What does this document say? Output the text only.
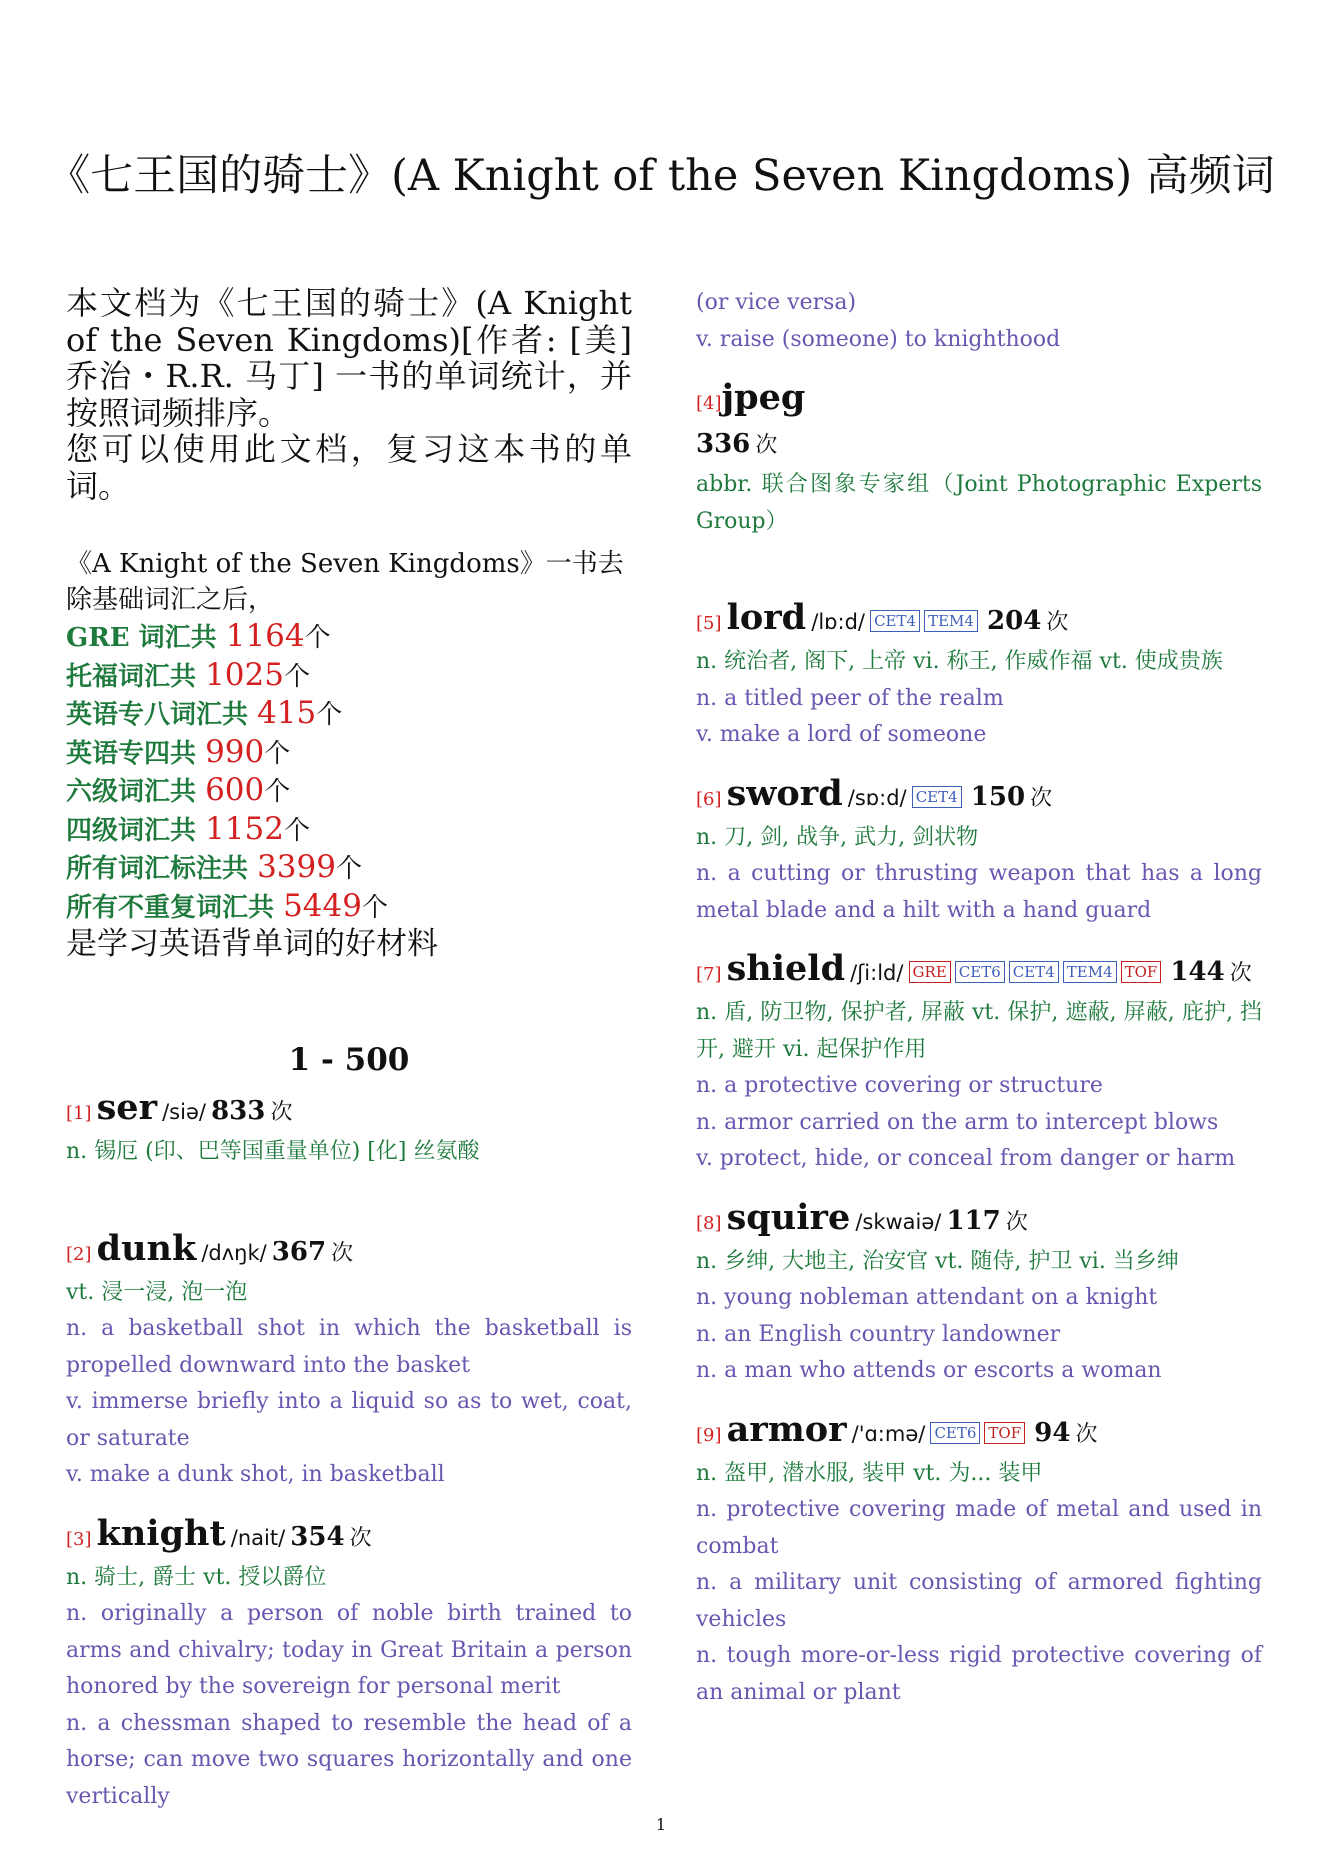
《七王国的骑士》(A Knight of the Seven Kingdoms) 高频词

本文档为《七王国的骑士》(A Knight of the Seven Kingdoms)[作者: [美] 乔治・R.R. 马丁] 一书的单词统计，并按照词频排序。

您可以使用此文档，复习这本书的单词。

《A Knight of the Seven Kingdoms》一书去除基础词汇之后，
GRE 词汇共 1164个
托福词汇共 1025个
英语专八词汇共 415个
英语专四共 990个
六级词汇共 600个
四级词汇共 1152个
所有词汇标注共 3399个
所有不重复词汇共 5449个
是学习英语背单词的好材料
1 - 500
[1] ser /siə/ 833 次

n. 锡厄 (印、巴等国重量单位) [化] 丝氨酸

[2] dunk /dʌŋk/ 367 次

vt. 浸一浸, 泡一泡

n. a basketball shot in which the basketball is propelled downward into the basket

v. immerse briefly into a liquid so as to wet, coat, or saturate

v. make a dunk shot, in basketball

[3] knight /nait/ 354 次

n. 骑士, 爵士 vt. 授以爵位

n. originally a person of noble birth trained to arms and chivalry; today in Great Britain a person honored by the sovereign for personal merit

n. a chessman shaped to resemble the head of a horse; can move two squares horizontally and one vertically

(or vice versa)

v. raise (someone) to knighthood

[4]jpeg
336 次

abbr. 联合图象专家组（Joint Photographic Experts Group）

[5] lord /lɒ:d/ CET4 TEM4 204 次

n. 统治者, 阁下, 上帝 vi. 称王, 作威作福 vt. 使成贵族

n. a titled peer of the realm

v. make a lord of someone

[6] sword /sɒ:d/ CET4 150 次

n. 刀, 剑, 战争, 武力, 剑状物

n. a cutting or thrusting weapon that has a long metal blade and a hilt with a hand guard

[7] shield /ʃi:ld/ GRE CET6 CET4 TEM4 TOF 144 次

n. 盾, 防卫物, 保护者, 屏蔽 vt. 保护, 遮蔽, 屏蔽, 庇护, 挡开, 避开 vi. 起保护作用

n. a protective covering or structure

n. armor carried on the arm to intercept blows

v. protect, hide, or conceal from danger or harm

[8] squire /skwaiə/ 117 次

n. 乡绅, 大地主, 治安官 vt. 随侍, 护卫 vi. 当乡绅

n. young nobleman attendant on a knight

n. an English country landowner

n. a man who attends or escorts a woman

[9] armor /'ɑ:mə/ CET6 TOF 94 次

n. 盔甲, 潜水服, 装甲 vt. 为... 装甲

n. protective covering made of metal and used in combat

n. a military unit consisting of armored fighting vehicles

n. tough more-or-less rigid protective covering of an animal or plant

1
